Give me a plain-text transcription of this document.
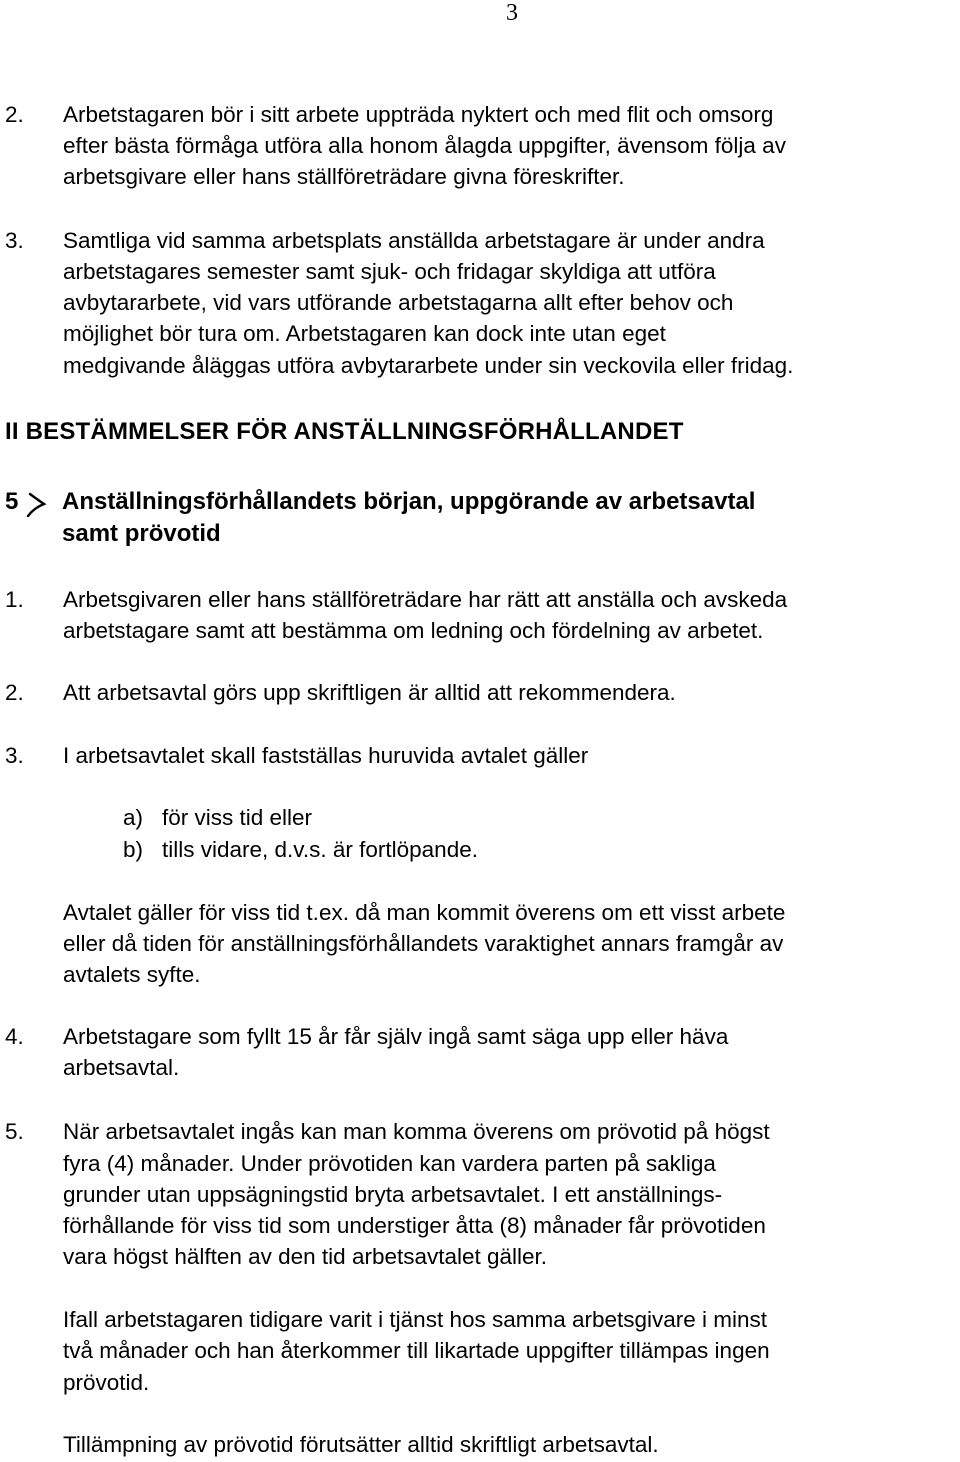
3
2. Arbetstagaren bör i sitt arbete uppträda nyktert och med flit och omsorg
efter bästa förmåga utföra alla honom ålagda uppgifter, ävensom följa av
arbetsgivare eller hans ställföreträdare givna föreskrifter.
3. Samtliga vid samma arbetsplats anställda arbetstagare är under andra
arbetstagares semester samt sjuk- och fridagar skyldiga att utföra
avbytararbete, vid vars utförande arbetstagarna allt efter behov och
möjlighet bör tura om. Arbetstagaren kan dock inte utan eget
medgivande åläggas utföra avbytararbete under sin veckovila eller fridag.
II BESTÄMMELSER FÖR ANSTÄLLNINGSFÖRHÅLLANDET
5 Anställningsförhållandets början, uppgörande av arbetsavtal
samt prövotid
1. Arbetsgivaren eller hans ställföreträdare har rätt att anställa och avskeda
arbetstagare samt att bestämma om ledning och fördelning av arbetet.
2. Att arbetsavtal görs upp skriftligen är alltid att rekommendera.
3. I arbetsavtalet skall fastställas huruvida avtalet gäller
a) för viss tid eller
b) tills vidare, d.v.s. är fortlöpande.
Avtalet gäller för viss tid t.ex. då man kommit överens om ett visst arbete
eller då tiden för anställningsförhållandets varaktighet annars framgår av
avtalets syfte.
4. Arbetstagare som fyllt 15 år får själv ingå samt säga upp eller häva
arbetsavtal.
5. När arbetsavtalet ingås kan man komma överens om prövotid på högst
fyra (4) månader. Under prövotiden kan vardera parten på sakliga
grunder utan uppsägningstid bryta arbetsavtalet. I ett anställnings-
förhållande för viss tid som understiger åtta (8) månader får prövotiden
vara högst hälften av den tid arbetsavtalet gäller.
Ifall arbetstagaren tidigare varit i tjänst hos samma arbetsgivare i minst
två månader och han återkommer till likartade uppgifter tillämpas ingen
prövotid.
Tillämpning av prövotid förutsätter alltid skriftligt arbetsavtal.
